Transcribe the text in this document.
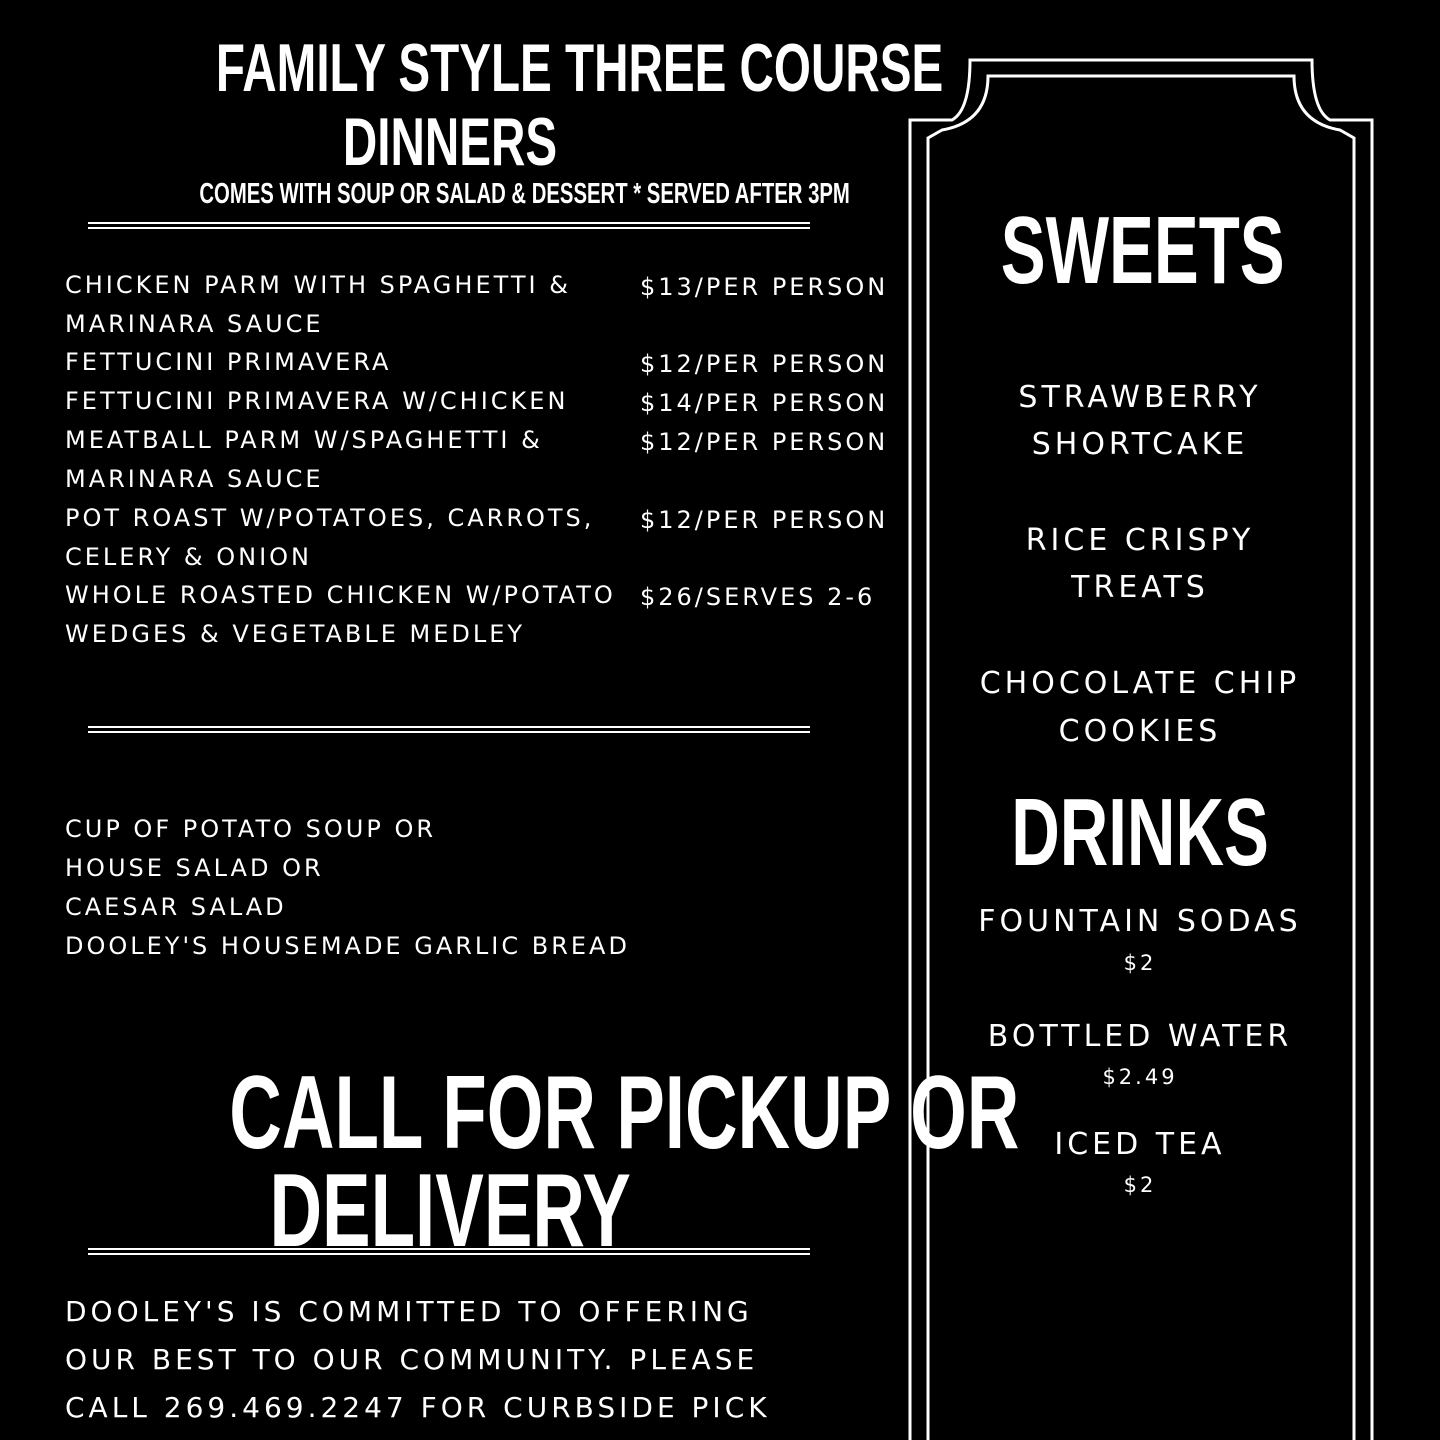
FAMILY STYLE THREE COURSE
DINNERS
COMES WITH SOUP OR SALAD & DESSERT * SERVED AFTER 3PM

CHICKEN PARM WITH SPAGHETTI &

MARINARA SAUCE

$13/PER PERSON

FETTUCINI PRIMAVERA	$12/PER PERSON

FETTUCINI PRIMAVERA W/CHICKEN	$14/PER PERSON

MEATBALL PARM W/SPAGHETTI &

MARINARA SAUCE

$12/PER PERSON

POT ROAST W/POTATOES, CARROTS,

CELERY & ONION

$12/PER PERSON

WHOLE ROASTED CHICKEN W/POTATO

WEDGES & VEGETABLE MEDLEY

$26/SERVES 2-6

CUP OF POTATO SOUP OR

HOUSE SALAD OR

CAESAR SALAD

DOOLEY'S HOUSEMADE GARLIC BREAD

CALL FOR PICKUP OR
DELIVERY
DOOLEY'S IS COMMITTED TO OFFERING
OUR BEST TO OUR COMMUNITY. PLEASE
CALL 269.469.2247 FOR CURBSIDE PICK
SWEETS
STRAWBERRY
SHORTCAKE
RICE CRISPY
TREATS
CHOCOLATE CHIP
COOKIES
DRINKS
FOUNTAIN SODAS
$2
BOTTLED WATER
$2.49
ICED TEA
$2
